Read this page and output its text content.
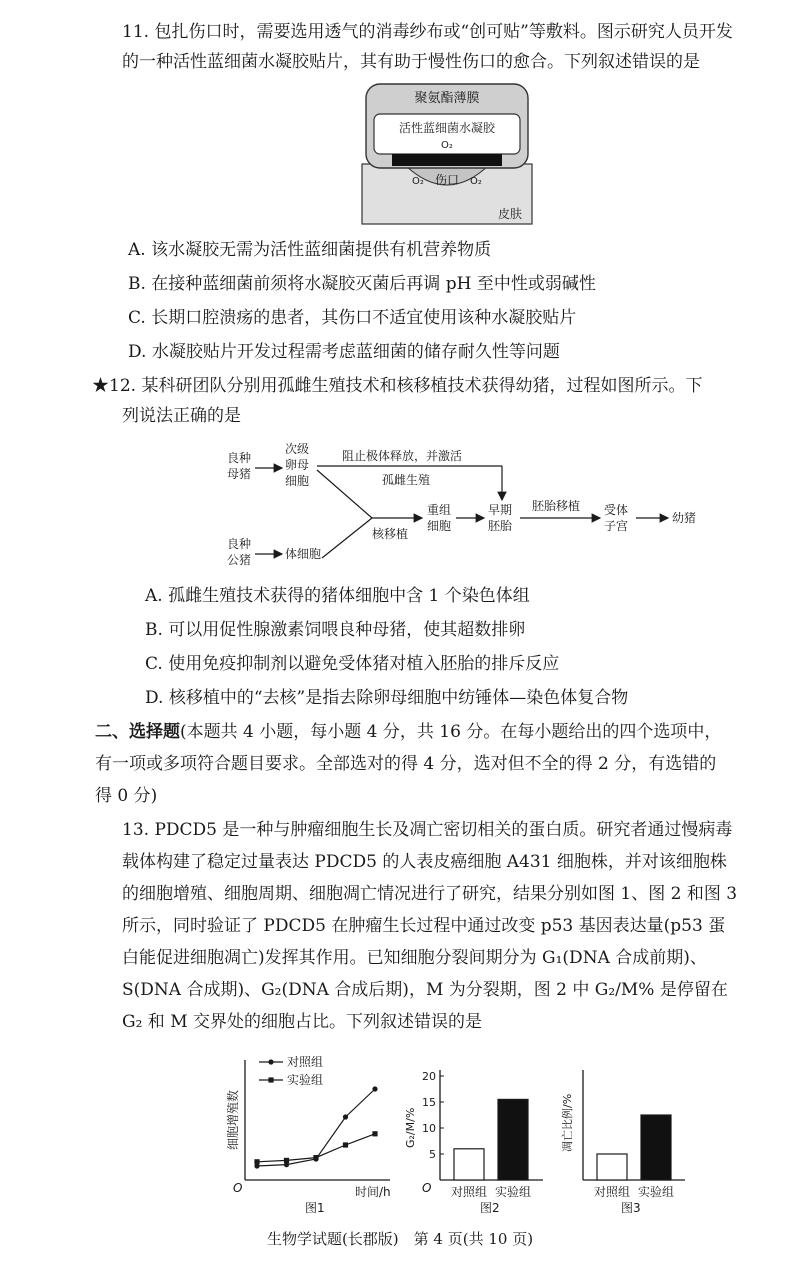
11. 包扎伤口时，需要选用透气的消毒纱布或“创可贴”等敷料。图示研究人员开发
的一种活性蓝细菌水凝胶贴片，其有助于慢性伤口的愈合。下列叙述错误的是
聚氨酯薄膜
活性蓝细菌水凝胶
O₂
O₂ 伤口 O₂
皮肤
A. 该水凝胶无需为活性蓝细菌提供有机营养物质
B. 在接种蓝细菌前须将水凝胶灭菌后再调 pH 至中性或弱碱性
C. 长期口腔溃疡的患者，其伤口不适宜使用该种水凝胶贴片
D. 水凝胶贴片开发过程需考虑蓝细菌的储存耐久性等问题
★12. 某科研团队分别用孤雌生殖技术和核移植技术获得幼猪，过程如图所示。下
列说法正确的是
良种
母猪
次级
卵母
细胞
阻止极体释放，并激活
孤雌生殖
核移植
重组
细胞
早期
胚胎
胚胎移植 受体
子宫
幼猪
良种
公猪	体细胞
A. 孤雌生殖技术获得的猪体细胞中含 1 个染色体组
B. 可以用促性腺激素饲喂良种母猪，使其超数排卵
C. 使用免疫抑制剂以避免受体猪对植入胚胎的排斥反应
D. 核移植中的“去核”是指去除卵母细胞中纺锤体—染色体复合物
二、选择题(本题共 4 小题，每小题 4 分，共 16 分。在每小题给出的四个选项中，
有一项或多项符合题目要求。全部选对的得 4 分，选对但不全的得 2 分，有选错的
得 0 分)
13. PDCD5 是一种与肿瘤细胞生长及凋亡密切相关的蛋白质。研究者通过慢病毒
载体构建了稳定过量表达 PDCD5 的人表皮癌细胞 A431 细胞株，并对该细胞株
的细胞增殖、细胞周期、细胞凋亡情况进行了研究，结果分别如图 1、图 2 和图 3
所示，同时验证了 PDCD5 在肿瘤生长过程中通过改变 p53 基因表达量(p53 蛋
白能促进细胞凋亡)发挥其作用。已知细胞分裂间期分为 G₁(DNA 合成前期)、
S(DNA 合成期)、G₂(DNA 合成后期)，M 为分裂期，图 2 中 G₂/M% 是停留在
G₂ 和 M 交界处的细胞占比。下列叙述错误的是
O
细胞增殖数
时间/h
图1
对照组
实验组
O
G₂/M/%
图2
5
10
15
20
对照组 实验组
凋亡比例/%
图3
对照组 实验组
生物学试题(长郡版)　第 4 页(共 10 页)
